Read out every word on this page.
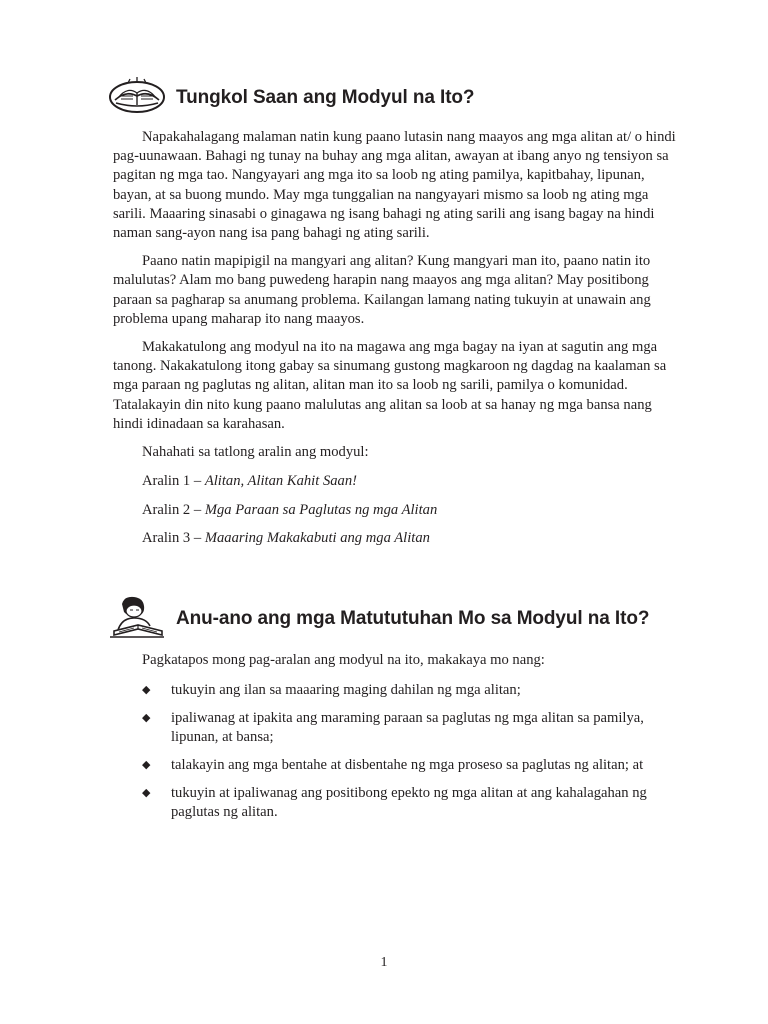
Tungkol Saan ang Modyul na Ito?

Napakahalagang malaman natin kung paano lutasin nang maayos ang mga alitan at/ o hindi pag-uunawaan. Bahagi ng tunay na buhay ang mga alitan, awayan at ibang anyo ng tensiyon sa pagitan ng mga tao. Nangyayari ang mga ito sa loob ng ating pamilya, kapitbahay, lipunan, bayan, at sa buong mundo. May mga tunggalian na nangyayari mismo sa loob ng ating mga sarili. Maaaring sinasabi o ginagawa ng isang bahagi ng ating sarili ang isang bagay na hindi naman sang-ayon nang isa pang bahagi ng ating sarili.

Paano natin mapipigil na mangyari ang alitan? Kung mangyari man ito, paano natin ito malulutas? Alam mo bang puwedeng harapin nang maayos ang mga alitan? May positibong paraan sa pagharap sa anumang problema. Kailangan lamang nating tukuyin at unawain ang problema upang maharap ito nang maayos.

Makakatulong ang modyul na ito na magawa ang mga bagay na iyan at sagutin ang mga tanong. Nakakatulong itong gabay sa sinumang gustong magkaroon ng dagdag na kaalaman sa mga paraan ng paglutas ng alitan, alitan man ito sa loob ng sarili, pamilya o komunidad. Tatalakayin din nito kung paano malulutas ang alitan sa loob at sa hanay ng mga bansa nang hindi idinadaan sa karahasan.

Nahahati sa tatlong aralin ang modyul:
Aralin 1 – Alitan, Alitan Kahit Saan!
Aralin 2 – Mga Paraan sa Paglutas ng mga Alitan
Aralin 3 – Maaaring Makakabuti ang mga Alitan
Anu-ano ang mga Matututuhan Mo sa Modyul na Ito?
Pagkatapos mong pag-aralan ang modyul na ito, makakaya mo nang:
◆	tukuyin ang ilan sa maaaring maging dahilan ng mga alitan;
◆	ipaliwanag at ipakita ang maraming paraan sa paglutas ng mga alitan sa pamilya, lipunan, at bansa;
◆	talakayin ang mga bentahe at disbentahe ng mga proseso sa paglutas ng alitan; at
◆	tukuyin at ipaliwanag ang positibong epekto ng mga alitan at ang kahalagahan ng paglutas ng alitan.
1
